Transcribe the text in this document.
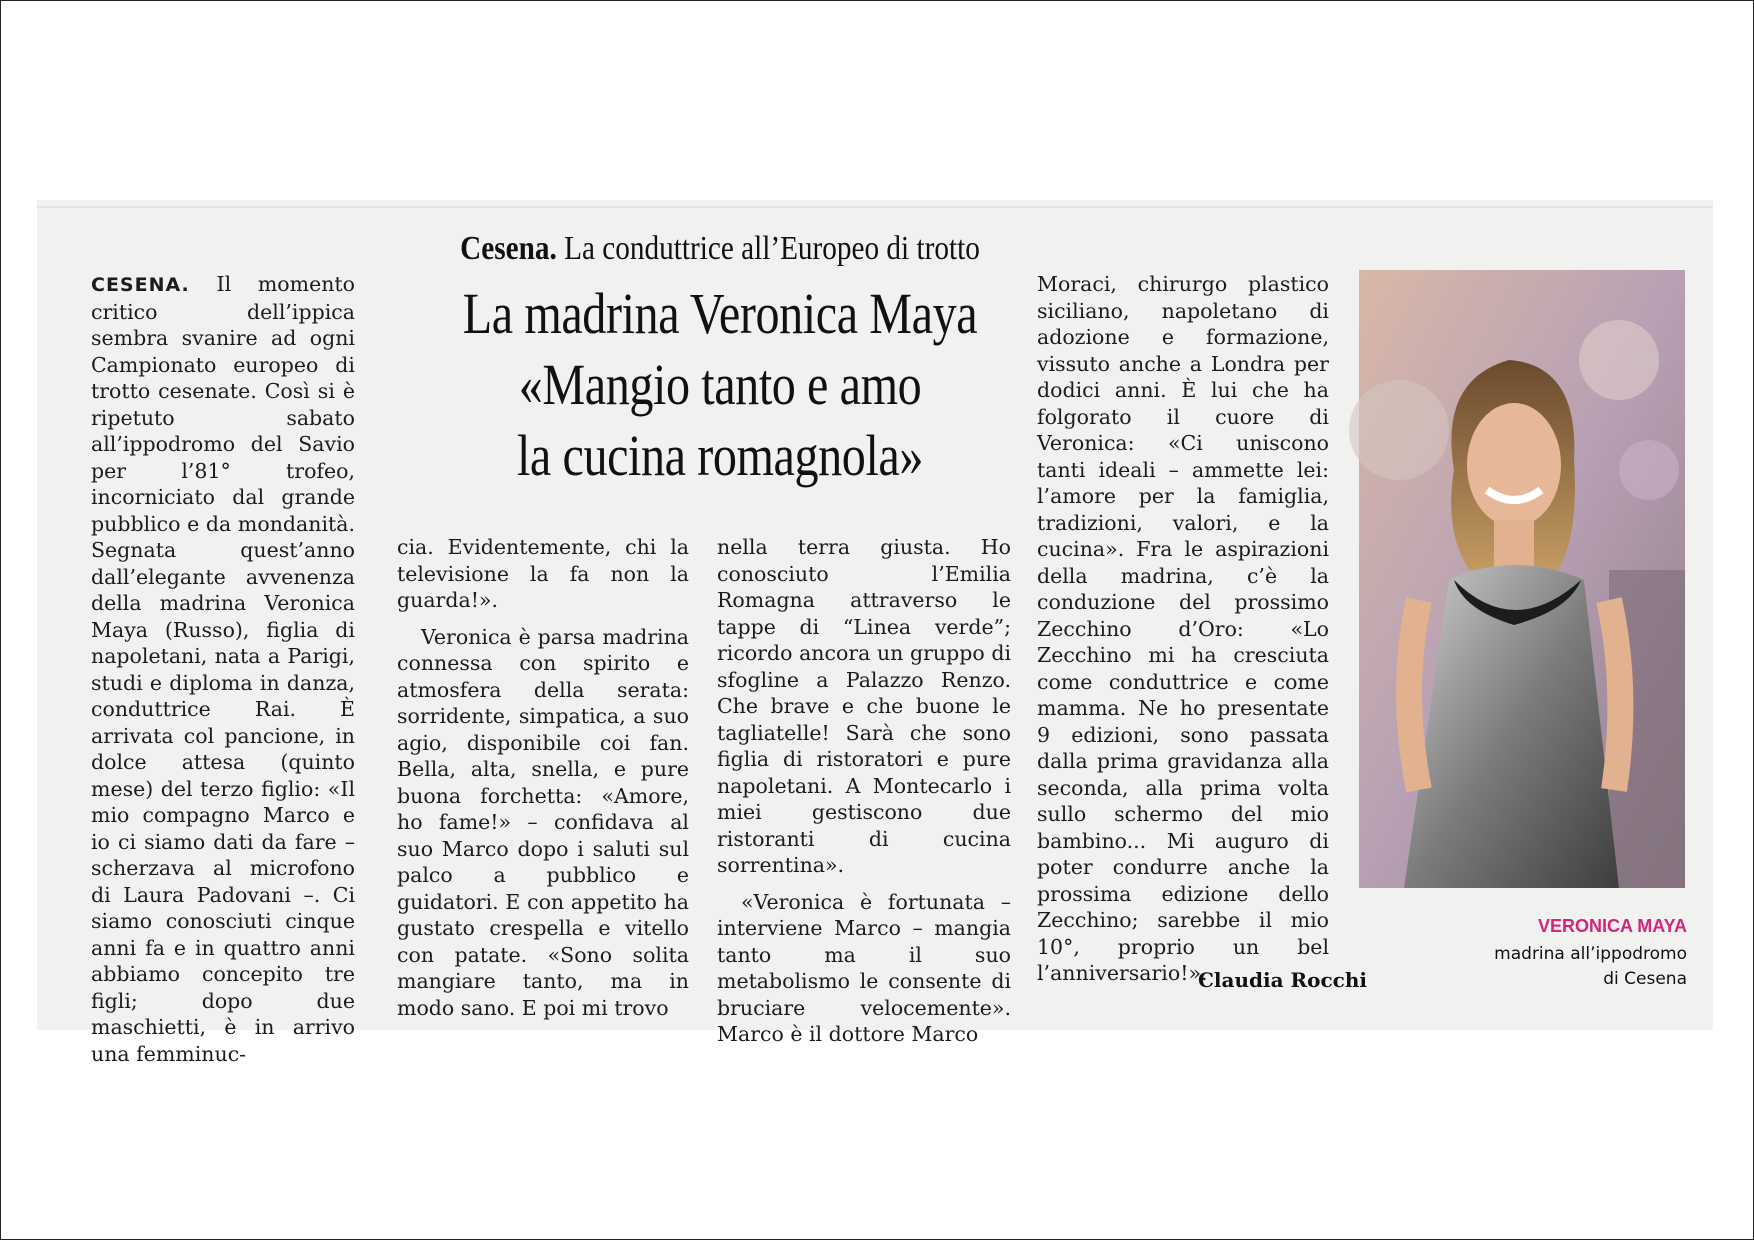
Cesena. La conduttrice all’Europeo di trotto
La madrina Veronica Maya
«Mangio tanto e amo
la cucina romagnola»

CESENA. Il momento critico dell’ippica sembra svanire ad ogni Campionato europeo di trotto cesenate. Così si è ripetuto sabato all’ippodromo del Savio per l’81° trofeo, incorniciato dal grande pubblico e da mondanità. Segnata quest’anno dall’elegante avvenenza della madrina Veronica Maya (Russo), figlia di napoletani, nata a Parigi, studi e diploma in danza, conduttrice Rai. È arrivata col pancione, in dolce attesa (quinto mese) del terzo figlio: «Il mio compagno Marco e io ci siamo dati da fare – scherzava al microfono di Laura Padovani –. Ci siamo conosciuti cinque anni fa e in quattro anni abbiamo concepito tre figli; dopo due maschietti, è in arrivo una femminuc-

cia. Evidentemente, chi la televisione la fa non la guarda!».

Veronica è parsa madrina connessa con spirito e atmosfera della serata: sorridente, simpatica, a suo agio, disponibile coi fan. Bella, alta, snella, e pure buona forchetta: «Amore, ho fame!» – confidava al suo Marco dopo i saluti sul palco a pubblico e guidatori. E con appetito ha gustato crespella e vitello con patate. «Sono solita mangiare tanto, ma in modo sano. E poi mi trovo

nella terra giusta. Ho conosciuto l’Emilia Romagna attraverso le tappe di “Linea verde”; ricordo ancora un gruppo di sfogline a Palazzo Renzo. Che brave e che buone le tagliatelle! Sarà che sono figlia di ristoratori e pure napoletani. A Montecarlo i miei gestiscono due ristoranti di cucina sorrentina».

«Veronica è fortunata – interviene Marco – mangia tanto ma il suo metabolismo le consente di bruciare velocemente». Marco è il dottore Marco

Moraci, chirurgo plastico siciliano, napoletano di adozione e formazione, vissuto anche a Londra per dodici anni. È lui che ha folgorato il cuore di Veronica: «Ci uniscono tanti ideali – ammette lei: l’amore per la famiglia, tradizioni, valori, e la cucina». Fra le aspirazioni della madrina, c’è la conduzione del prossimo Zecchino d’Oro: «Lo Zecchino mi ha cresciuta come conduttrice e come mamma. Ne ho presentate 9 edizioni, sono passata dalla prima gravidanza alla seconda, alla prima volta sullo schermo del mio bambino... Mi auguro di poter condurre anche la prossima edizione dello Zecchino; sarebbe il mio 10°, proprio un bel l’anniversario!».

Claudia Rocchi
VERONICA MAYA
madrina all’ippodromo
di Cesena
